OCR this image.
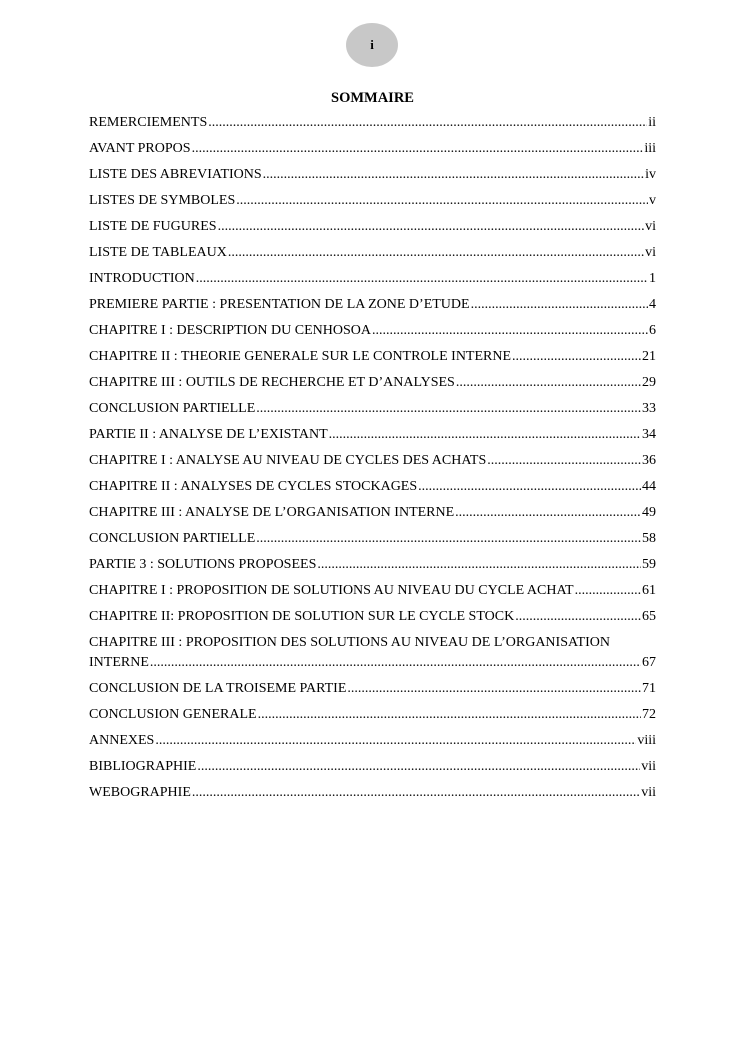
i
SOMMAIRE
REMERCIEMENTS .....	ii
AVANT PROPOS .....	iii
LISTE DES ABREVIATIONS .....	iv
LISTES DE SYMBOLES .....	v
LISTE DE FUGURES .....	vi
LISTE DE TABLEAUX .....	vi
INTRODUCTION .....	1
PREMIERE PARTIE : PRESENTATION DE LA ZONE D’ETUDE .....	4
CHAPITRE I : DESCRIPTION DU CENHOSOA .....	6
CHAPITRE II : THEORIE GENERALE SUR LE CONTROLE INTERNE .....	21
CHAPITRE III : OUTILS DE RECHERCHE ET D’ANALYSES .....	29
CONCLUSION PARTIELLE .....	33
PARTIE II : ANALYSE DE L’EXISTANT .....	34
CHAPITRE I : ANALYSE AU NIVEAU DE CYCLES DES ACHATS .....	36
CHAPITRE II : ANALYSES DE CYCLES STOCKAGES .....	44
CHAPITRE III : ANALYSE DE L’ORGANISATION INTERNE .....	49
CONCLUSION PARTIELLE .....	58
PARTIE 3 : SOLUTIONS PROPOSEES .....	59
CHAPITRE I : PROPOSITION DE SOLUTIONS AU NIVEAU DU CYCLE ACHAT .....	61
CHAPITRE II: PROPOSITION DE SOLUTION SUR LE CYCLE STOCK .....	65
CHAPITRE III : PROPOSITION DES SOLUTIONS AU NIVEAU DE L’ORGANISATION
INTERNE .....	67
CONCLUSION DE LA TROISEME PARTIE .....	71
CONCLUSION GENERALE .....	72
ANNEXES .....	viii
BIBLIOGRAPHIE .....	vii
WEBOGRAPHIE .....	vii
